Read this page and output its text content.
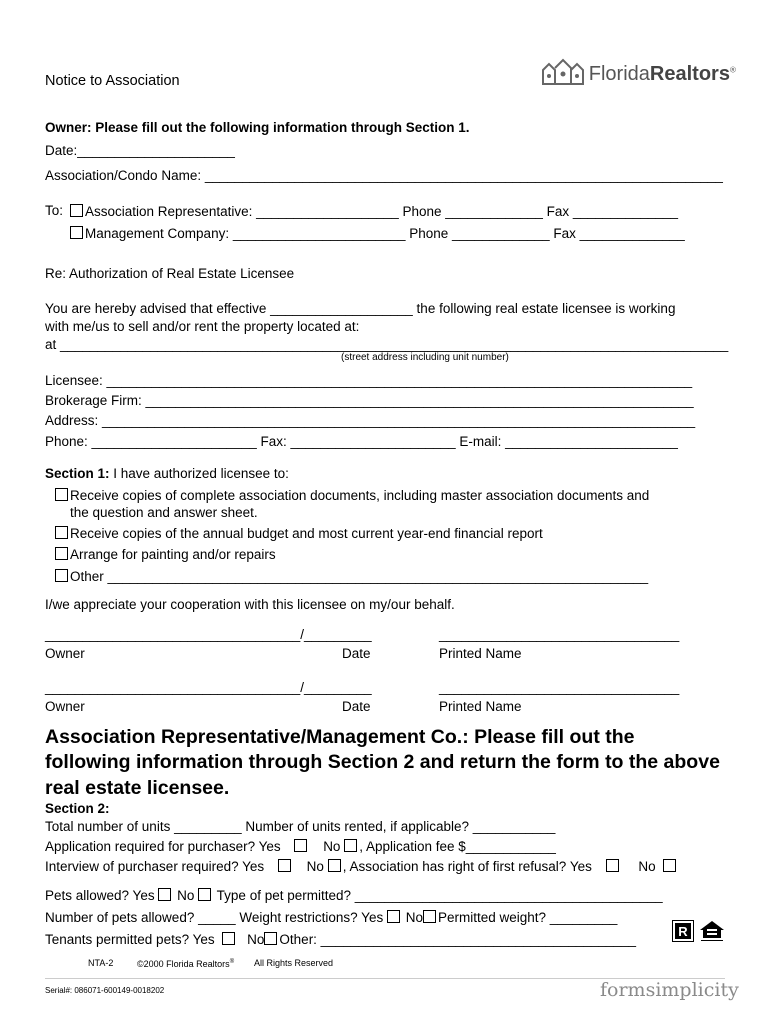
Notice to Association	FloridaRealtors®
Owner: Please fill out the following information through Section 1.
Date:_____________________
Association/Condo Name: _____________________________________________________________________
To:	Association Representative: ___________________ Phone _____________ Fax ______________
Management Company: _______________________ Phone _____________ Fax ______________
Re: Authorization of Real Estate Licensee
You are hereby advised that effective ___________________ the following real estate licensee is working
with me/us to sell and/or rent the property located at:
at _________________________________________________________________________________________
(street address including unit number)
Licensee: ______________________________________________________________________________
Brokerage Firm: _________________________________________________________________________
Address: _______________________________________________________________________________
Phone: ______________________ Fax: ______________________ E-mail: _______________________
Section 1: I have authorized licensee to:
Receive copies of complete association documents, including master association documents and
the question and answer sheet.
Receive copies of the annual budget and most current year-end financial report
Arrange for painting and/or repairs
Other ________________________________________________________________________
I/we appreciate your cooperation with this licensee on my/our behalf.
__________________________________/_________	________________________________
Owner	Date	Printed Name
__________________________________/_________	________________________________
Owner	Date	Printed Name
Association Representative/Management Co.: Please fill out the following information through Section 2 and return the form to the above real estate licensee.
Section 2:
Total number of units _________ Number of units rented, if applicable? ___________
Application required for purchaser? Yes	No , Application fee $____________
Interview of purchaser required? Yes	No , Association has right of first refusal? Yes	No
Pets allowed? Yes No Type of pet permitted? _________________________________________
Number of pets allowed? _____ Weight restrictions? Yes No Permitted weight? _________
Tenants permitted pets? Yes No Other: __________________________________________
R
NTA-2	©2000 Florida Realtors® All Rights Reserved
Serial#: 086071-600149-0018202	formsimplicity
